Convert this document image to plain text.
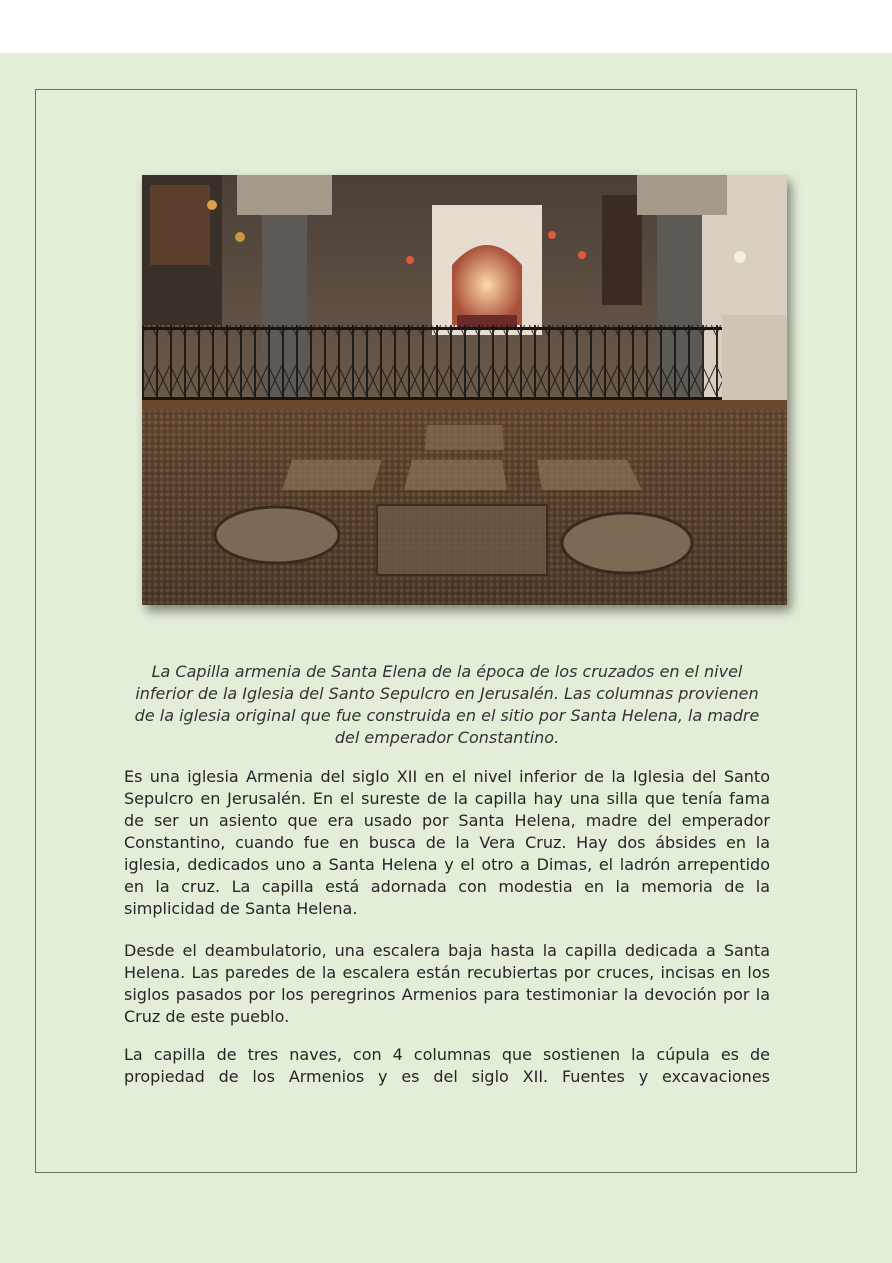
La Capilla armenia de Santa Elena de la época de los cruzados en el nivel inferior de la Iglesia del Santo Sepulcro en Jerusalén. Las columnas provienen de la iglesia original que fue construida en el sitio por Santa Helena, la madre del emperador Constantino.

Es una iglesia Armenia del siglo XII en el nivel inferior de la Iglesia del Santo Sepulcro en Jerusalén. En el sureste de la capilla hay una silla que tenía fama de ser un asiento que era usado por Santa Helena, madre del emperador Constantino, cuando fue en busca de la Vera Cruz. Hay dos ábsides en la iglesia, dedicados uno a Santa Helena y el otro a Dimas, el ladrón arrepentido en la cruz. La capilla está adornada con modestia en la memoria de la simplicidad de Santa Helena.

Desde el deambulatorio, una escalera baja hasta la capilla dedicada a Santa Helena. Las paredes de la escalera están recubiertas por cruces, incisas en los siglos pasados por los peregrinos Armenios para testimoniar la devoción por la Cruz de este pueblo.

La capilla de tres naves, con 4 columnas que sostienen la cúpula es de propiedad de los Armenios y es del siglo XII. Fuentes y excavaciones
